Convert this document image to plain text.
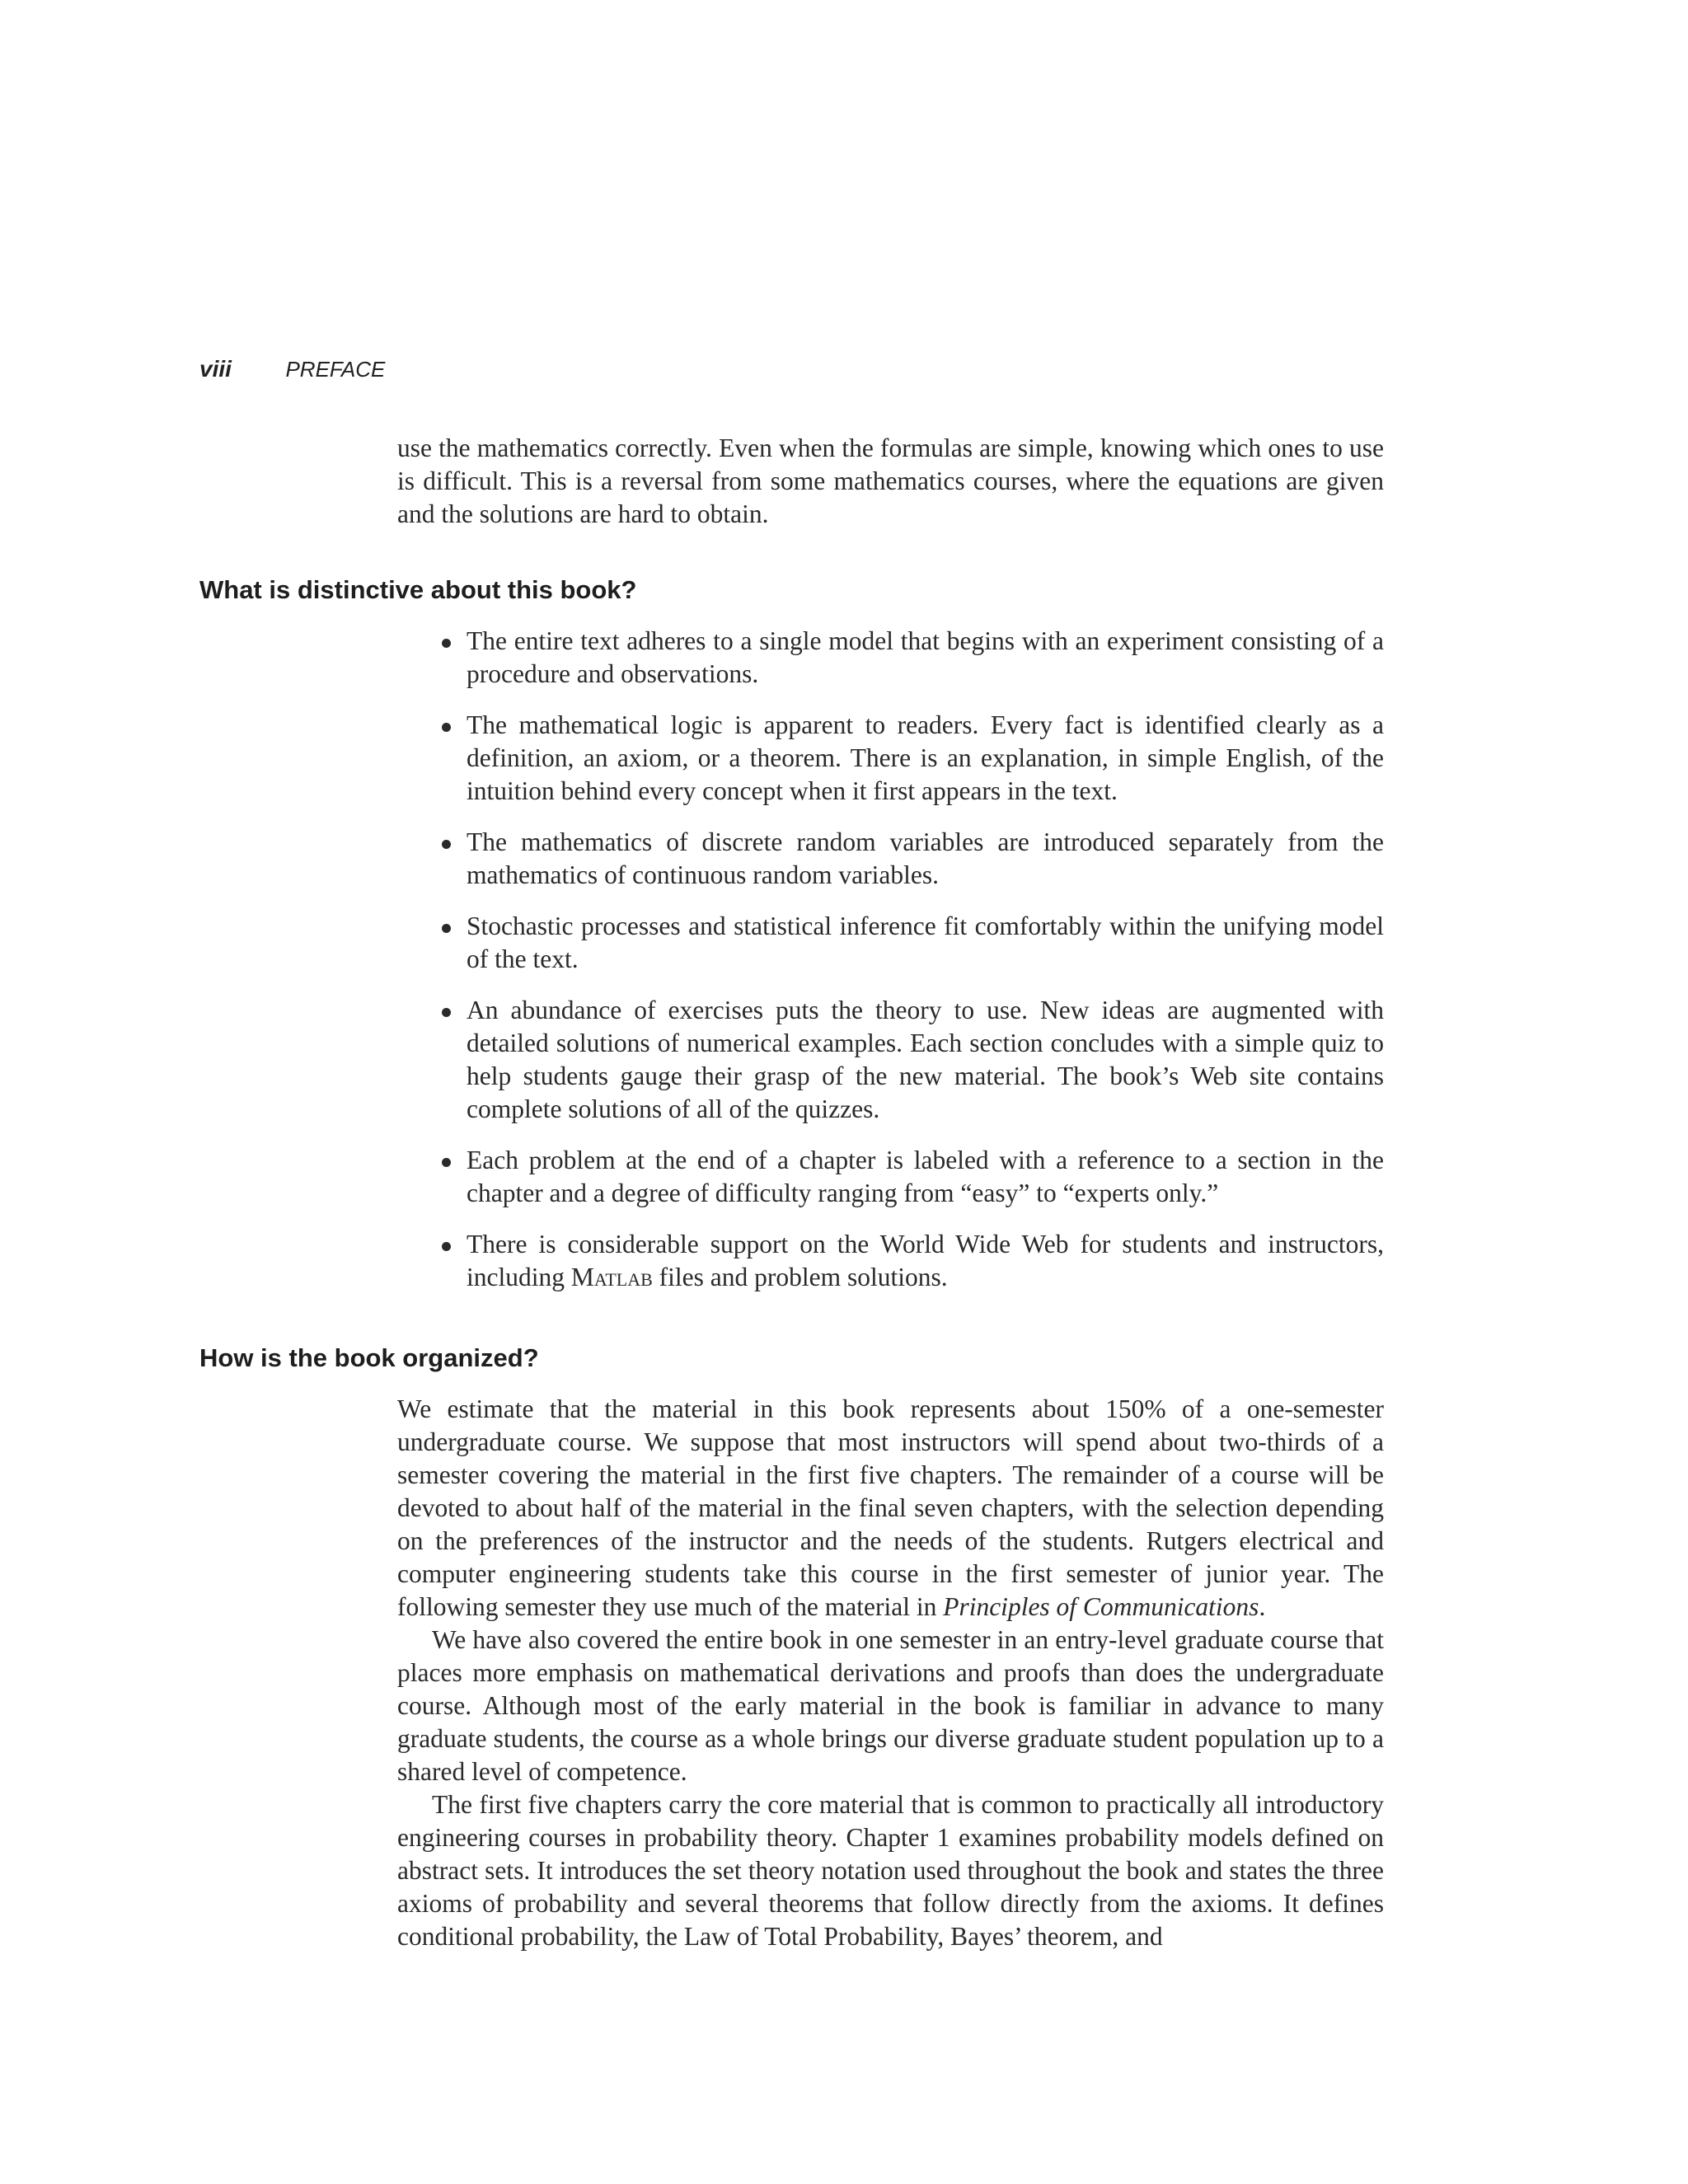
viii	PREFACE

use the mathematics correctly. Even when the formulas are simple, knowing which ones to use is difficult. This is a reversal from some mathematics courses, where the equations are given and the solutions are hard to obtain.

What is distinctive about this book?
The entire text adheres to a single model that begins with an experiment consisting of a procedure and observations.
The mathematical logic is apparent to readers. Every fact is identified clearly as a definition, an axiom, or a theorem. There is an explanation, in simple English, of the intuition behind every concept when it first appears in the text.
The mathematics of discrete random variables are introduced separately from the mathematics of continuous random variables.
Stochastic processes and statistical inference fit comfortably within the unifying model of the text.
An abundance of exercises puts the theory to use. New ideas are augmented with detailed solutions of numerical examples. Each section concludes with a simple quiz to help students gauge their grasp of the new material. The book’s Web site contains complete solutions of all of the quizzes.
Each problem at the end of a chapter is labeled with a reference to a section in the chapter and a degree of difficulty ranging from “easy” to “experts only.”
There is considerable support on the World Wide Web for students and instructors, including Matlab files and problem solutions.
How is the book organized?

We estimate that the material in this book represents about 150% of a one-semester undergraduate course. We suppose that most instructors will spend about two-thirds of a semester covering the material in the first five chapters. The remainder of a course will be devoted to about half of the material in the final seven chapters, with the selection depending on the preferences of the instructor and the needs of the students. Rutgers electrical and computer engineering students take this course in the first semester of junior year. The following semester they use much of the material in Principles of Communications.

We have also covered the entire book in one semester in an entry-level graduate course that places more emphasis on mathematical derivations and proofs than does the undergraduate course. Although most of the early material in the book is familiar in advance to many graduate students, the course as a whole brings our diverse graduate student population up to a shared level of competence.

The first five chapters carry the core material that is common to practically all introductory engineering courses in probability theory. Chapter 1 examines probability models defined on abstract sets. It introduces the set theory notation used throughout the book and states the three axioms of probability and several theorems that follow directly from the axioms. It defines conditional probability, the Law of Total Probability, Bayes’ theorem, and
